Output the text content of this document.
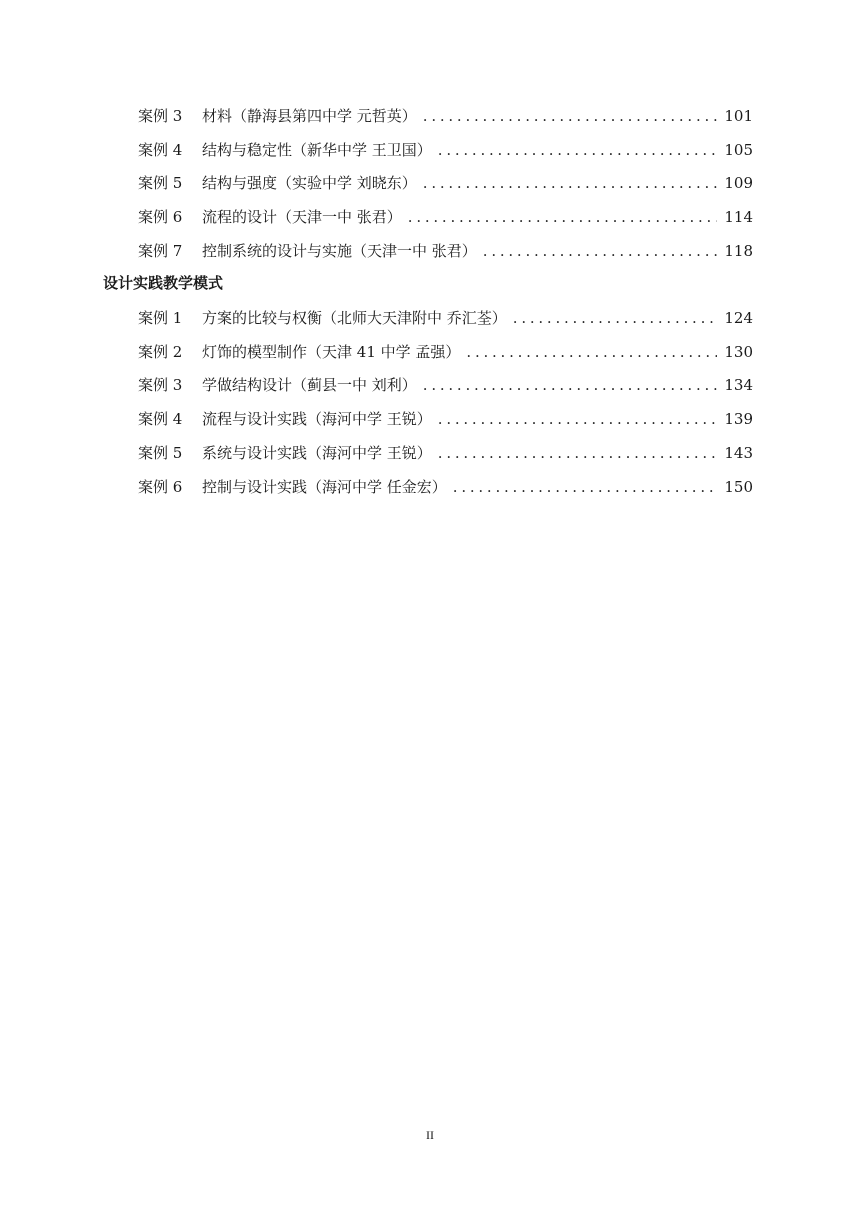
案例 3	材料（静海县第四中学 元哲英） . . .	101
案例 4	结构与稳定性（新华中学 王卫国） . . .	105
案例 5	结构与强度（实验中学 刘晓东） . . .	109
案例 6	流程的设计（天津一中 张君） . . .	114
案例 7	控制系统的设计与实施（天津一中 张君） . . .	118
设计实践教学模式
案例 1	方案的比较与权衡（北师大天津附中 乔汇荃） . . .	124
案例 2	灯饰的模型制作（天津 41 中学 孟强） . . .	130
案例 3	学做结构设计（蓟县一中 刘利） . . .	134
案例 4	流程与设计实践（海河中学 王锐） . . .	139
案例 5	系统与设计实践（海河中学 王锐） . . .	143
案例 6	控制与设计实践（海河中学 任金宏） . . .	150
II
